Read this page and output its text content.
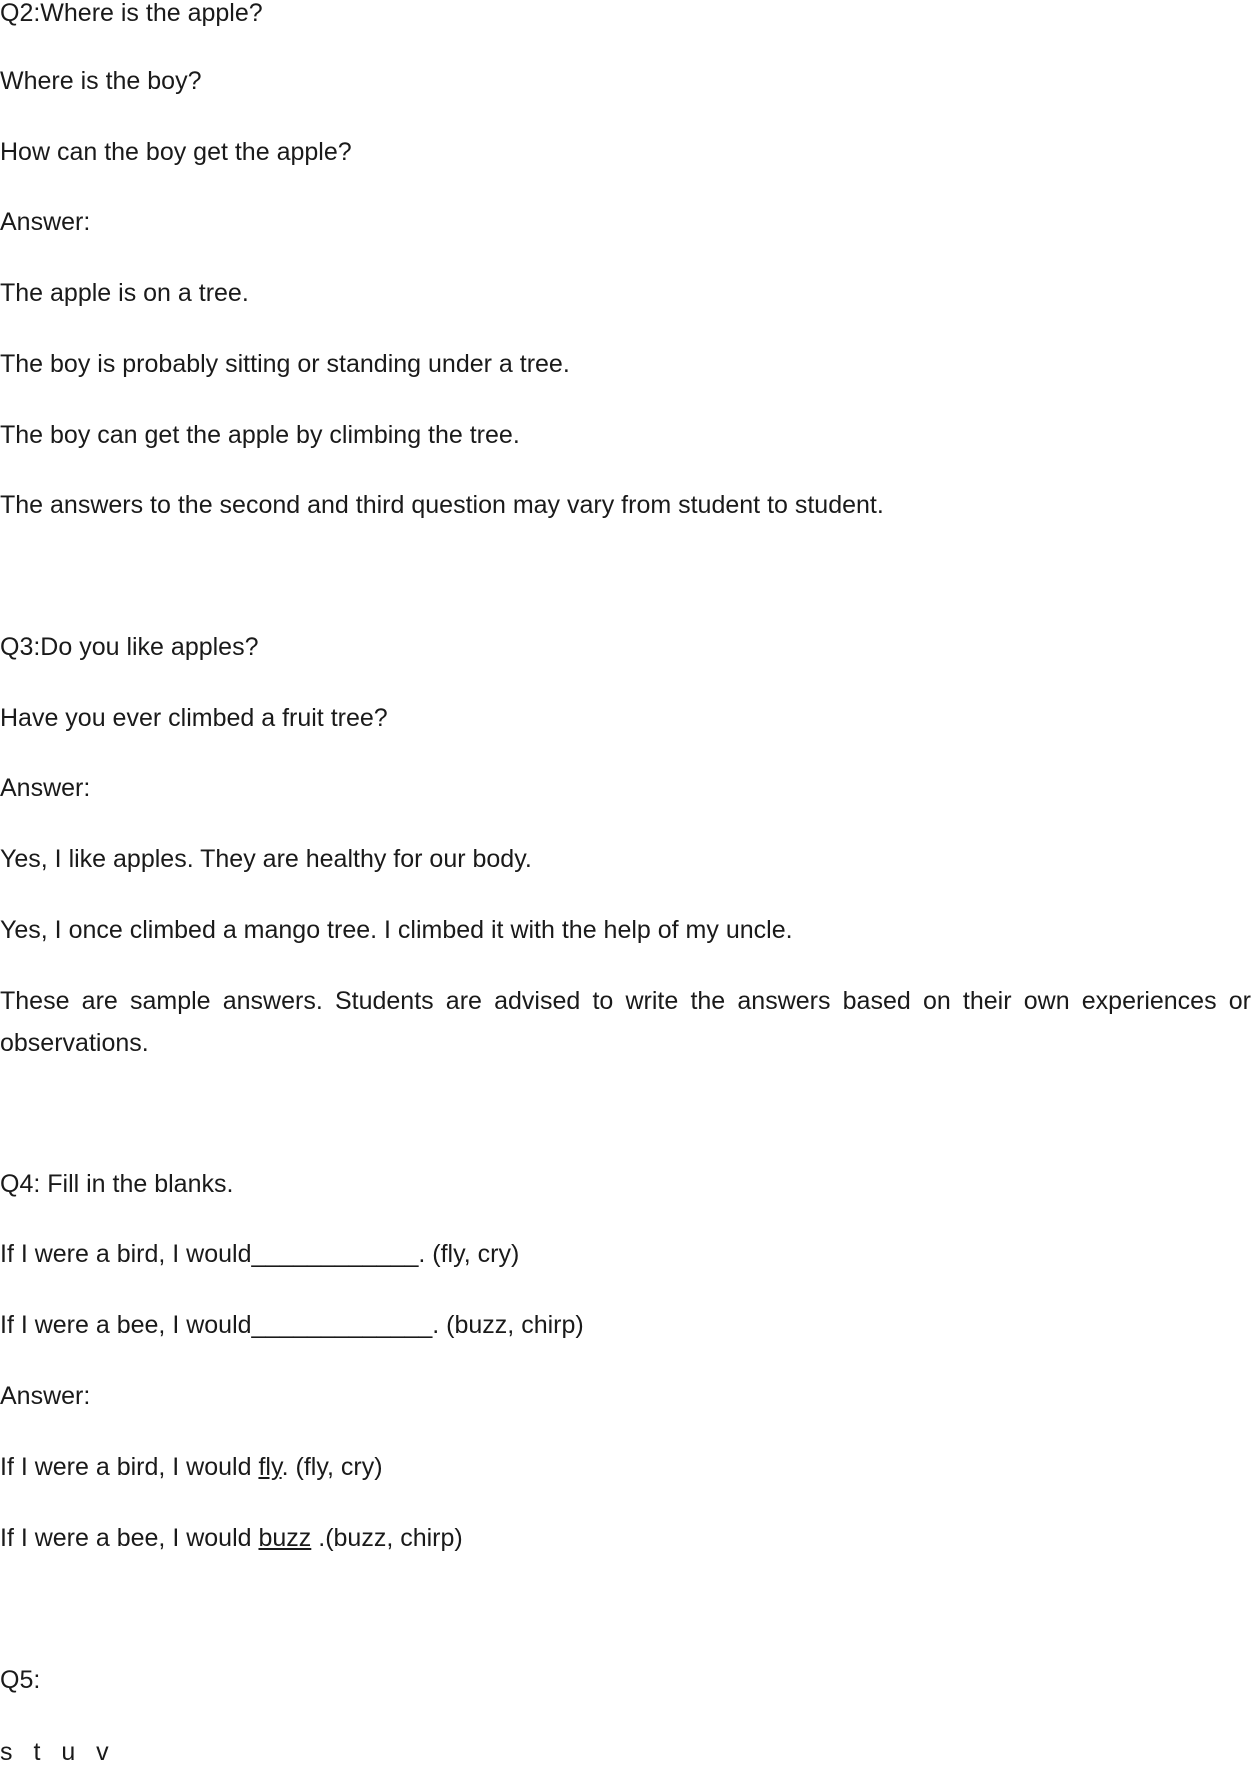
Q2:Where is the apple?
Where is the boy?
How can the boy get the apple?
Answer:
The apple is on a tree.
The boy is probably sitting or standing under a tree.
The boy can get the apple by climbing the tree.
The answers to the second and third question may vary from student to student.
Q3:Do you like apples?
Have you ever climbed a fruit tree?
Answer:
Yes, I like apples. They are healthy for our body.
Yes, I once climbed a mango tree. I climbed it with the help of my uncle.
These are sample answers. Students are advised to write the answers based on their own experiences or observations.
Q4: Fill in the blanks.
If I were a bird, I would____________. (fly, cry)
If I were a bee, I would_____________. (buzz, chirp)
Answer:
If I were a bird, I would fly. (fly, cry)
If I were a bee, I would buzz .(buzz, chirp)
Q5:
s t u v
